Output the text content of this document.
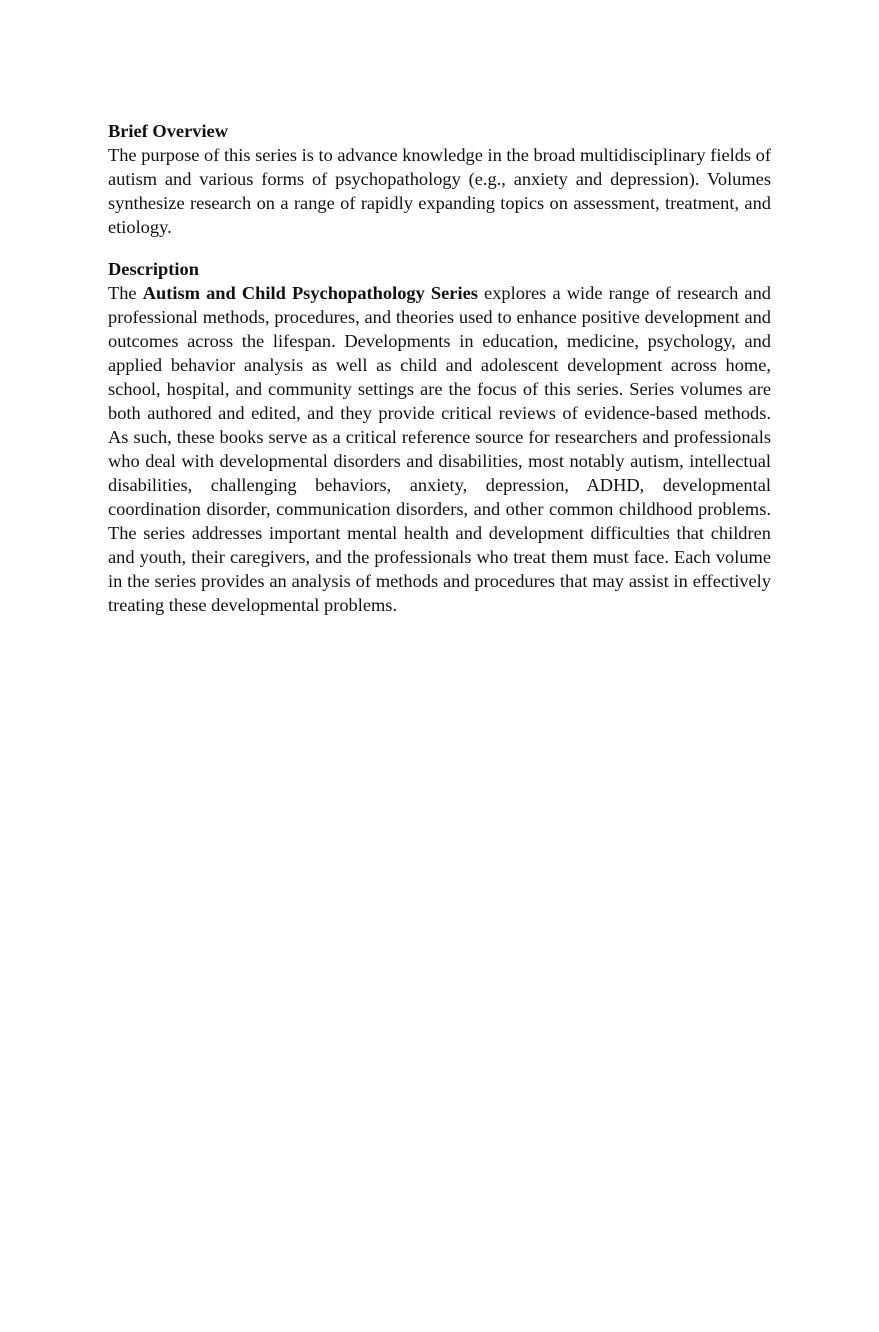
Brief Overview

The purpose of this series is to advance knowledge in the broad multidisciplinary fields of autism and various forms of psychopathology (e.g., anxiety and depression). Volumes synthesize research on a range of rapidly expanding topics on assessment, treatment, and etiology.

Description

The Autism and Child Psychopathology Series explores a wide range of research and professional methods, procedures, and theories used to enhance positive development and outcomes across the lifespan. Developments in education, medicine, psychology, and applied behavior analysis as well as child and adolescent development across home, school, hospital, and community settings are the focus of this series. Series volumes are both authored and edited, and they provide critical reviews of evidence-based methods. As such, these books serve as a critical reference source for researchers and professionals who deal with developmental disorders and disabilities, most notably autism, intellectual disabilities, challenging behaviors, anxiety, depression, ADHD, developmental coordination disorder, communication disorders, and other common childhood problems. The series addresses important mental health and development difficulties that children and youth, their caregivers, and the professionals who treat them must face. Each volume in the series provides an analysis of methods and procedures that may assist in effectively treating these developmental problems.
